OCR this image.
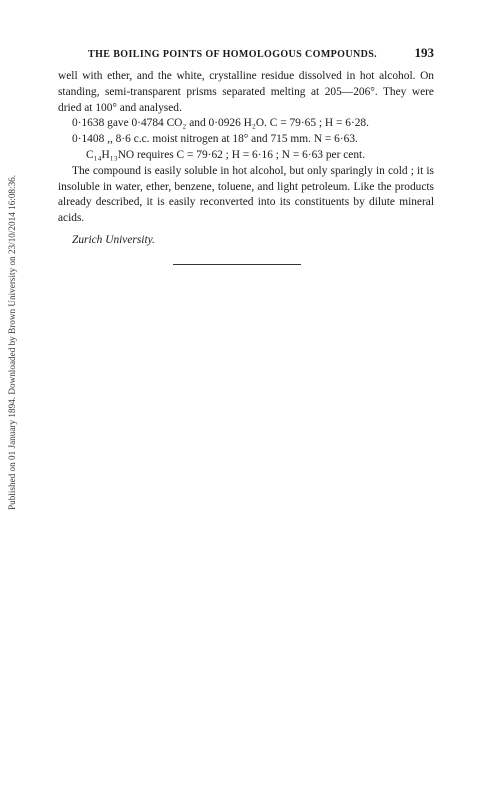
Published on 01 January 1894. Downloaded by Brown University on 23/10/2014 16:08:36.
THE BOILING POINTS OF HOMOLOGOUS COMPOUNDS.	193

well with ether, and the white, crystalline residue dissolved in hot alcohol. On standing, semi-transparent prisms separated melting at 205—206°. They were dried at 100° and analysed.

0·1638 gave 0·4784 CO₂ and 0·0926 H₂O. C = 79·65 ; H = 6·28.

0·1408 ,, 8·6 c.c. moist nitrogen at 18° and 715 mm. N = 6·63.

C₁₄H₁₃NO requires C = 79·62 ; H = 6·16 ; N = 6·63 per cent.

The compound is easily soluble in hot alcohol, but only sparingly in cold ; it is insoluble in water, ether, benzene, toluene, and light petroleum. Like the products already described, it is easily reconverted into its constituents by dilute mineral acids.

Zurich University.
